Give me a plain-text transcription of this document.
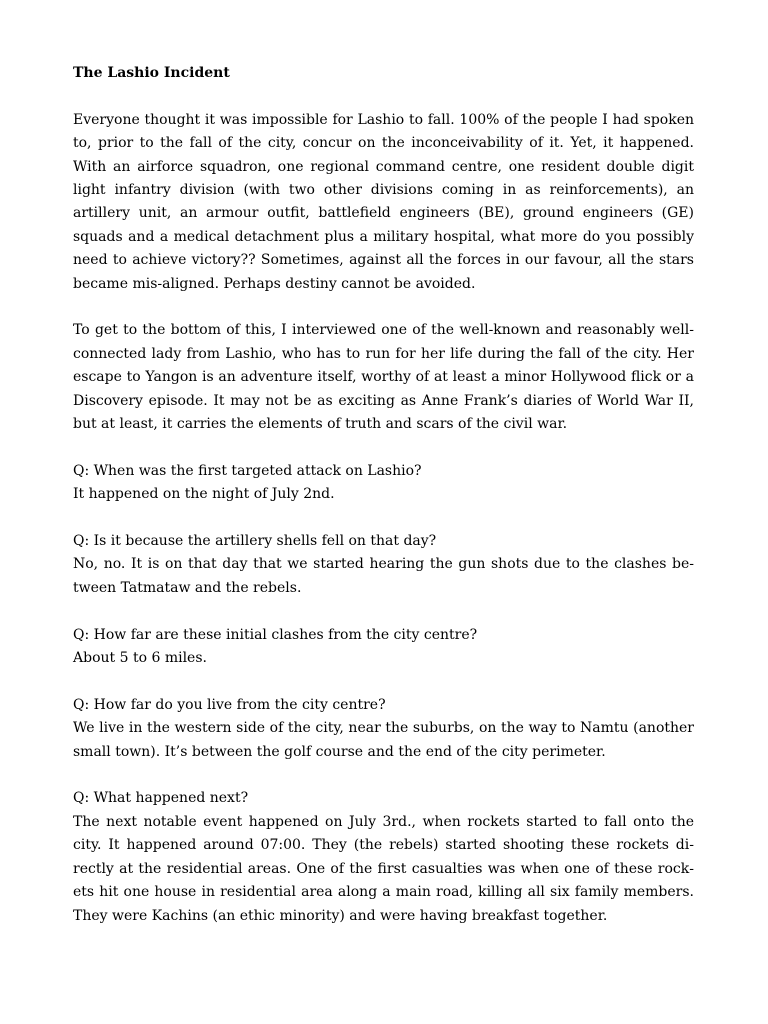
The Lashio Incident

Everyone thought it was impossible for Lashio to fall. 100% of the people I had spoken to, prior to the fall of the city, concur on the inconceivability of it. Yet, it happened. With an airforce squadron, one regional command centre, one resident double digit light infantry division (with two other divisions coming in as reinforcements), an artillery unit, an armour outfit, battlefield engineers (BE), ground engineers (GE) squads and a medical detachment plus a military hospital, what more do you possibly need to achieve victory?? Sometimes, against all the forces in our favour, all the stars became mis-aligned. Perhaps destiny cannot be avoided.

To get to the bottom of this, I interviewed one of the well-known and reasonably well-connected lady from Lashio, who has to run for her life during the fall of the city. Her escape to Yangon is an adventure itself, worthy of at least a minor Hollywood flick or a Discovery episode. It may not be as exciting as Anne Frank’s diaries of World War II, but at least, it carries the elements of truth and scars of the civil war.

Q: When was the first targeted attack on Lashio?
It happened on the night of July 2nd.
Q: Is it because the artillery shells fell on that day?
No, no. It is on that day that we started hearing the gun shots due to the clashes between Tatmataw and the rebels.
Q: How far are these initial clashes from the city centre?
About 5 to 6 miles.
Q: How far do you live from the city centre?
We live in the western side of the city, near the suburbs, on the way to Namtu (another small town). It’s between the golf course and the end of the city perimeter.
Q: What happened next?
The next notable event happened on July 3rd., when rockets started to fall onto the city. It happened around 07:00. They (the rebels) started shooting these rockets directly at the residential areas. One of the first casualties was when one of these rockets hit one house in residential area along a main road, killing all six family members. They were Kachins (an ethic minority) and were having breakfast together.
